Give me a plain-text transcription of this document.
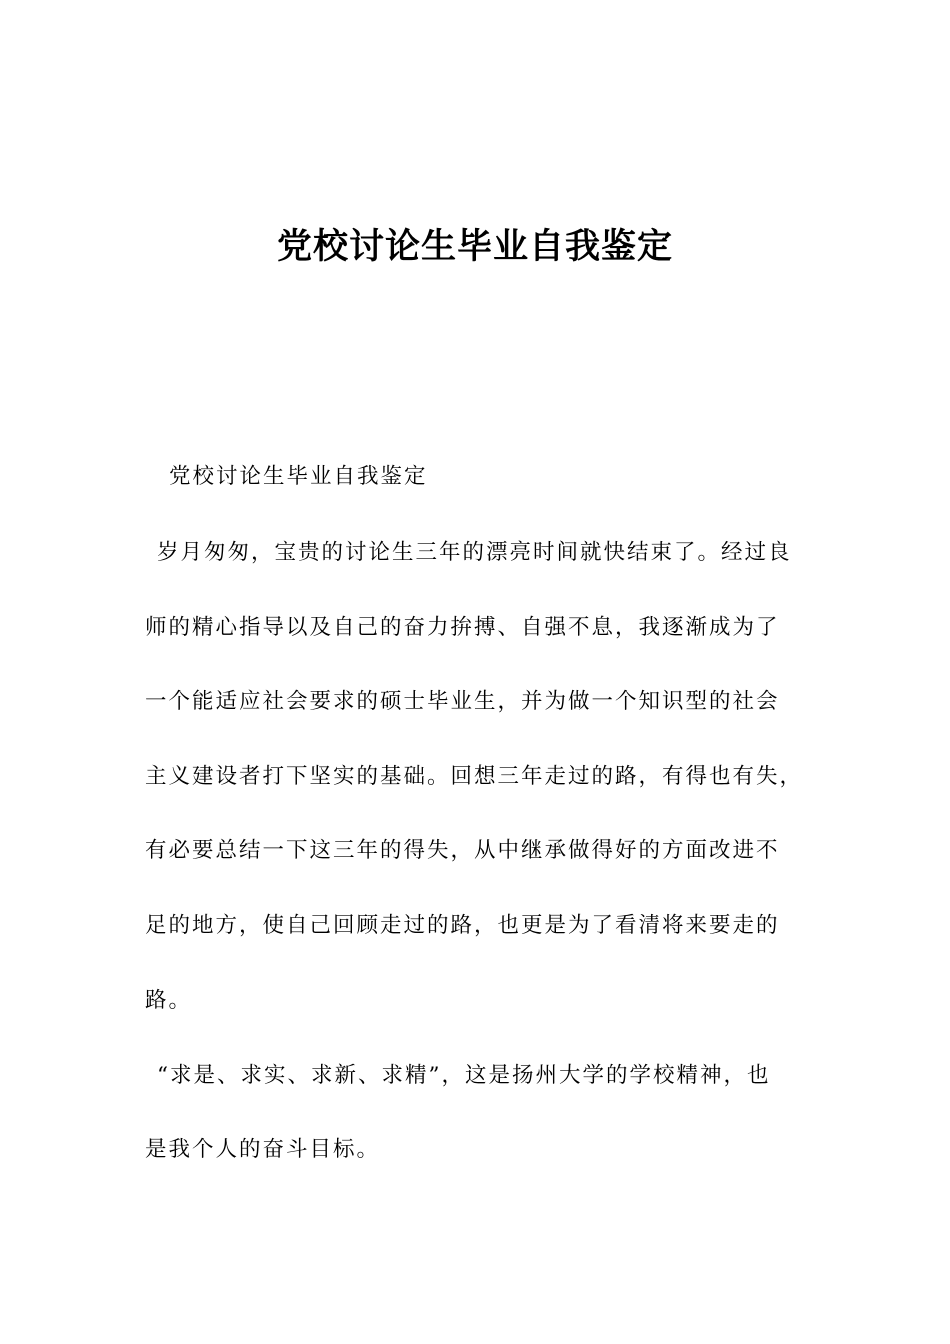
党校讨论生毕业自我鉴定
党校讨论生毕业自我鉴定
岁月匆匆，宝贵的讨论生三年的漂亮时间就快结束了。经过良
师的精心指导以及自己的奋力拚搏、自强不息，我逐渐成为了
一个能适应社会要求的硕士毕业生，并为做一个知识型的社会
主义建设者打下坚实的基础。回想三年走过的路，有得也有失，
有必要总结一下这三年的得失，从中继承做得好的方面改进不
足的地方，使自己回顾走过的路，也更是为了看清将来要走的
路。
“求是、求实、求新、求精”，这是扬州大学的学校精神，也
是我个人的奋斗目标。
